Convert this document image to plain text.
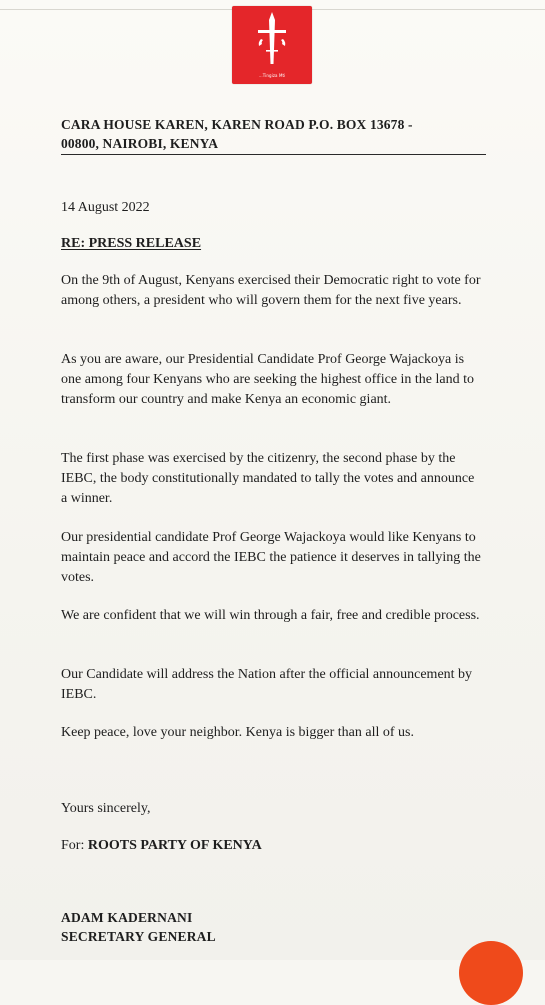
...Tingiza Mti
CARA HOUSE KAREN, KAREN ROAD P.O. BOX 13678 -
00800, NAIROBI, KENYA
14 August 2022
RE: PRESS RELEASE
On the 9th of August, Kenyans exercised their Democratic right to vote for among others, a president who will govern them for the next five years.
As you are aware, our Presidential Candidate Prof George Wajackoya is one among four Kenyans who are seeking the highest office in the land to transform our country and make Kenya an economic giant.
The first phase was exercised by the citizenry, the second phase by the IEBC, the body constitutionally mandated to tally the votes and announce a winner.
Our presidential candidate Prof George Wajackoya would like Kenyans to maintain peace and accord the IEBC the patience it deserves in tallying the votes.
We are confident that we will win through a fair, free and credible process.
Our Candidate will address the Nation after the official announcement by IEBC.
Keep peace, love your neighbor. Kenya is bigger than all of us.
Yours sincerely,
For: ROOTS PARTY OF KENYA
ADAM KADERNANI
SECRETARY GENERAL
